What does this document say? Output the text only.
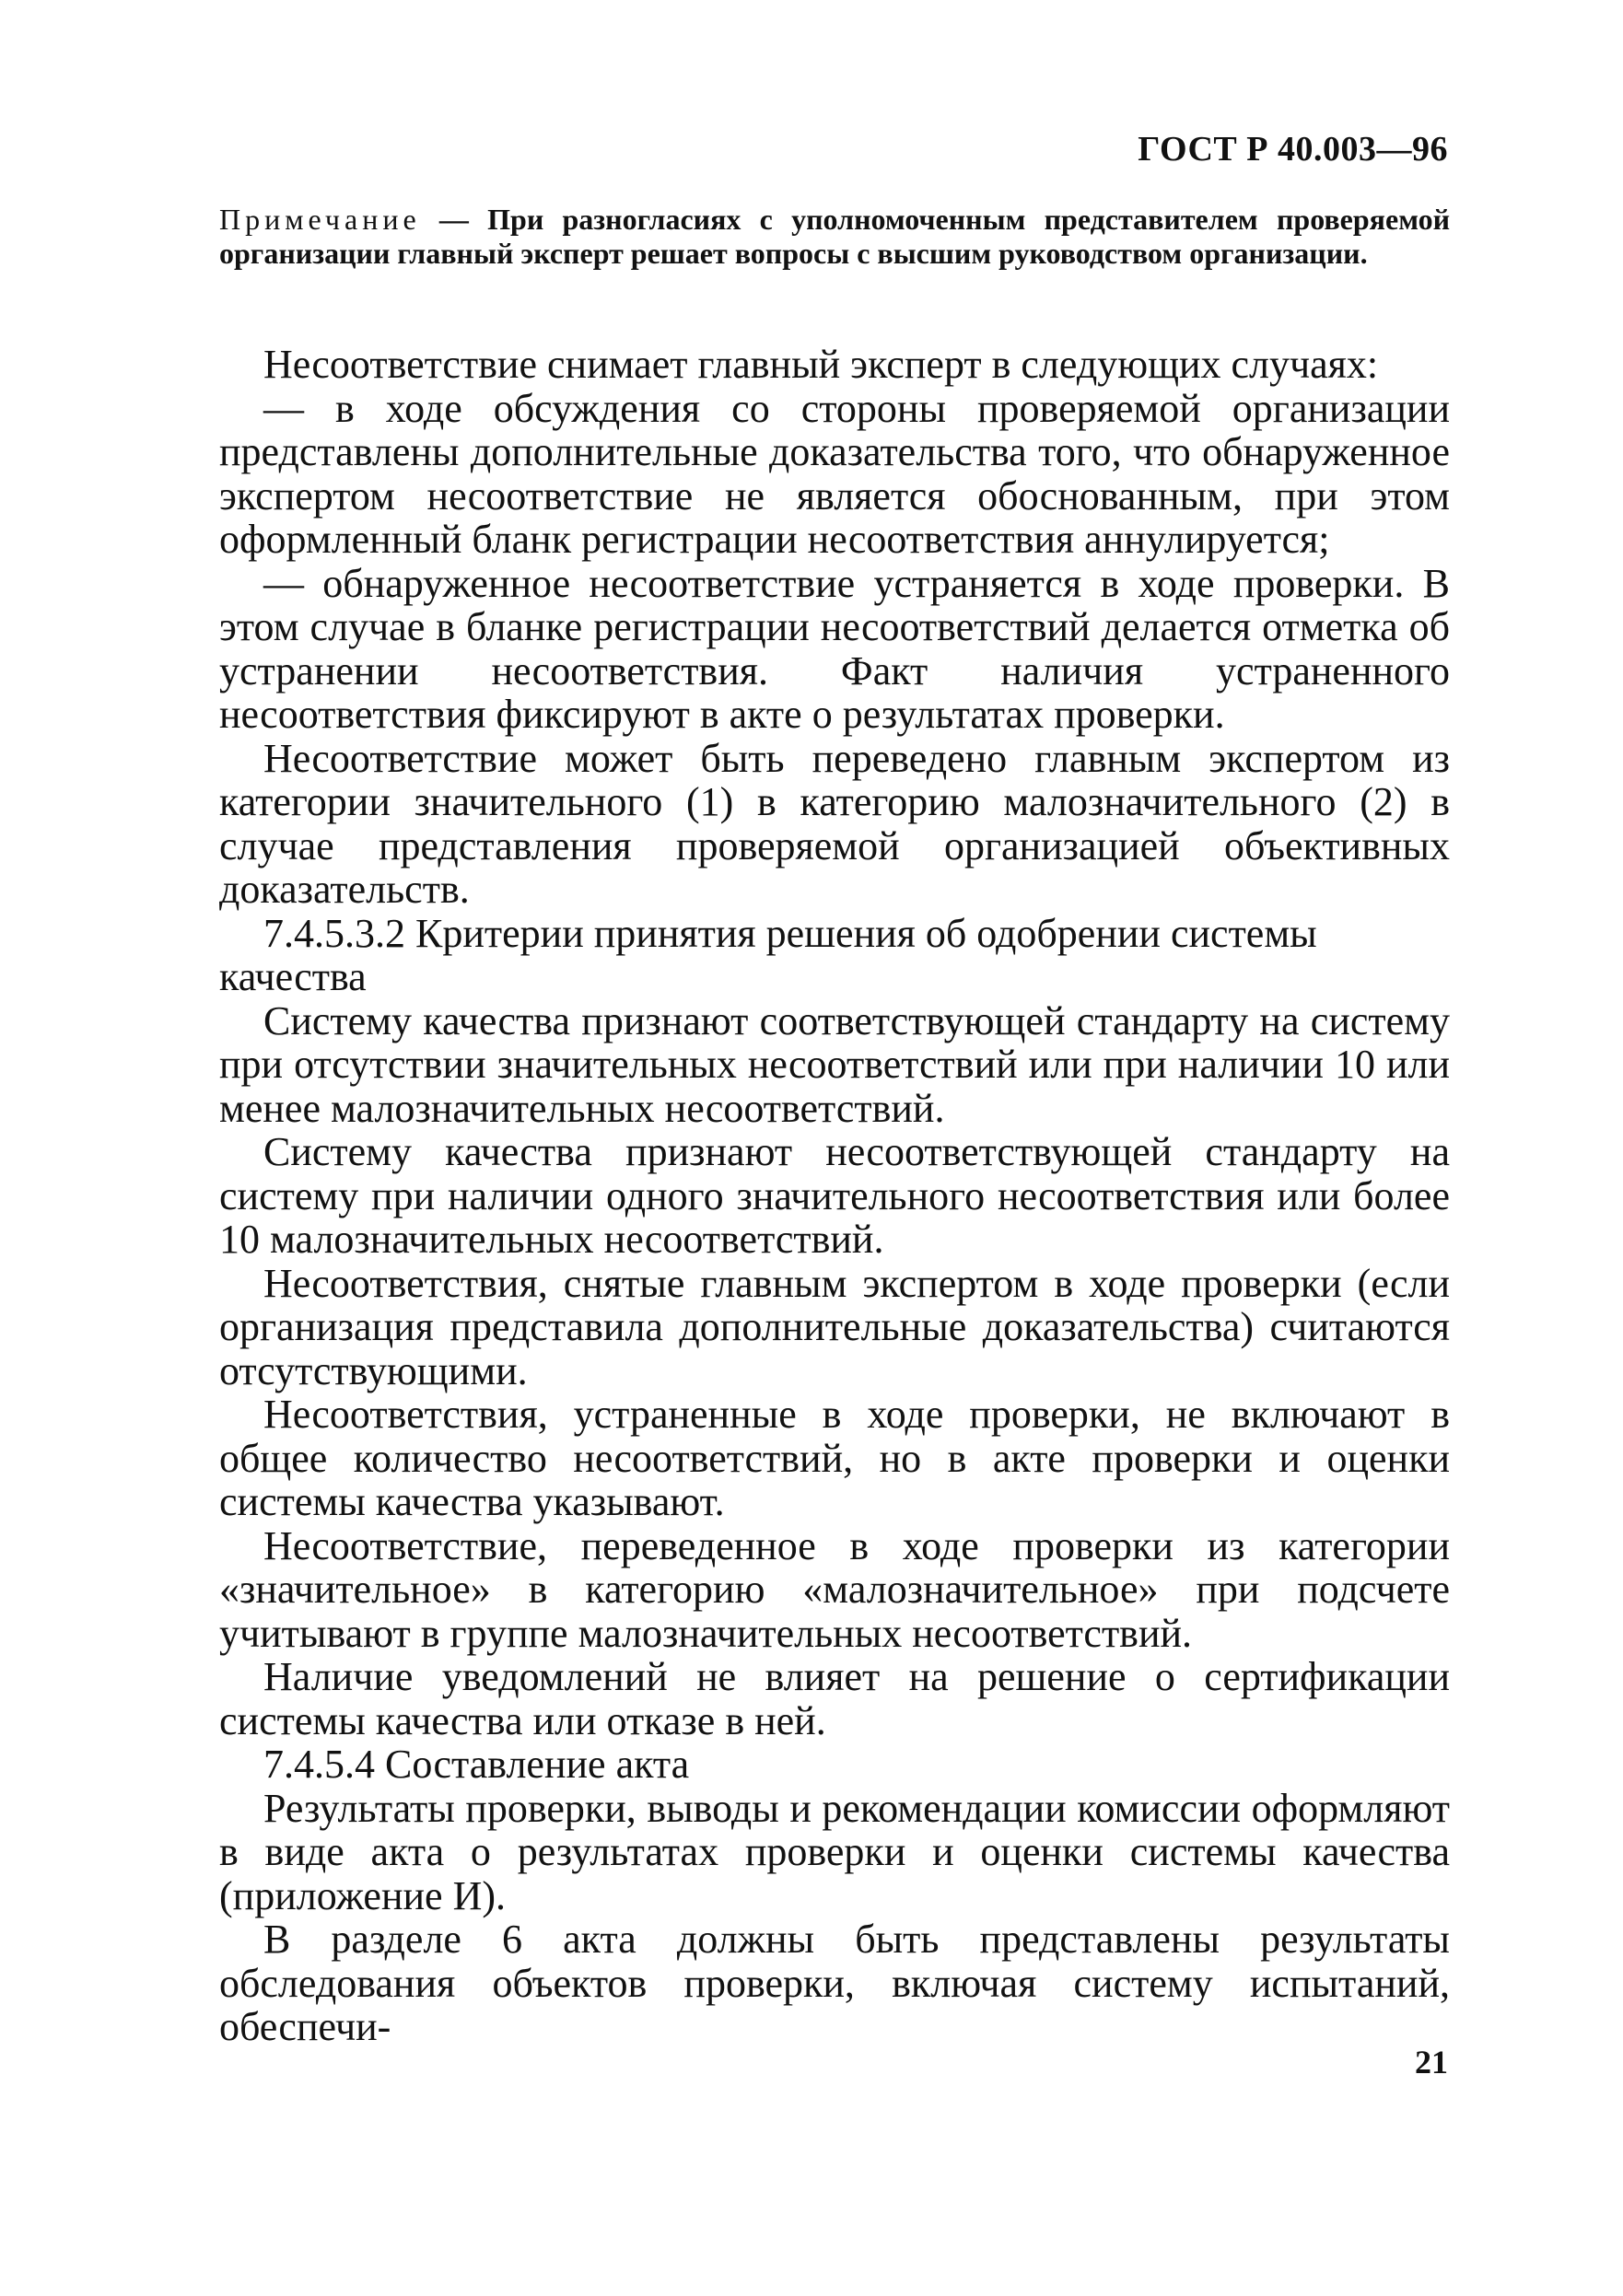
ГОСТ Р 40.003—96
Примечание — При разногласиях с уполномоченным представителем проверяемой организации главный эксперт решает вопросы с высшим руководством организации.

Несоответствие снимает главный эксперт в следующих случаях:

— в ходе обсуждения со стороны проверяемой организации представлены дополнительные доказательства того, что обнаруженное экспертом несоответствие не является обоснованным, при этом оформленный бланк регистрации несоответствия аннулируется;

— обнаруженное несоответствие устраняется в ходе проверки. В этом случае в бланке регистрации несоответствий делается отметка об устранении несоответствия. Факт наличия устраненного несоответствия фиксируют в акте о результатах проверки.

Несоответствие может быть переведено главным экспертом из категории значительного (1) в категорию малозначительного (2) в случае представления проверяемой организацией объективных доказательств.

7.4.5.3.2 Критерии принятия решения об одобрении системы качества

Систему качества признают соответствующей стандарту на систему при отсутствии значительных несоответствий или при наличии 10 или менее малозначительных несоответствий.

Систему качества признают несоответствующей стандарту на систему при наличии одного значительного несоответствия или более 10 малозначительных несоответствий.

Несоответствия, снятые главным экспертом в ходе проверки (если организация представила дополнительные доказательства) считаются отсутствующими.

Несоответствия, устраненные в ходе проверки, не включают в общее количество несоответствий, но в акте проверки и оценки системы качества указывают.

Несоответствие, переведенное в ходе проверки из категории «значительное» в категорию «малозначительное» при подсчете учитывают в группе малозначительных несоответствий.

Наличие уведомлений не влияет на решение о сертификации системы качества или отказе в ней.

7.4.5.4 Составление акта

Результаты проверки, выводы и рекомендации комиссии оформляют в виде акта о результатах проверки и оценки системы качества (приложение И).

В разделе 6 акта должны быть представлены результаты обследования объектов проверки, включая систему испытаний, обеспечи-

21
